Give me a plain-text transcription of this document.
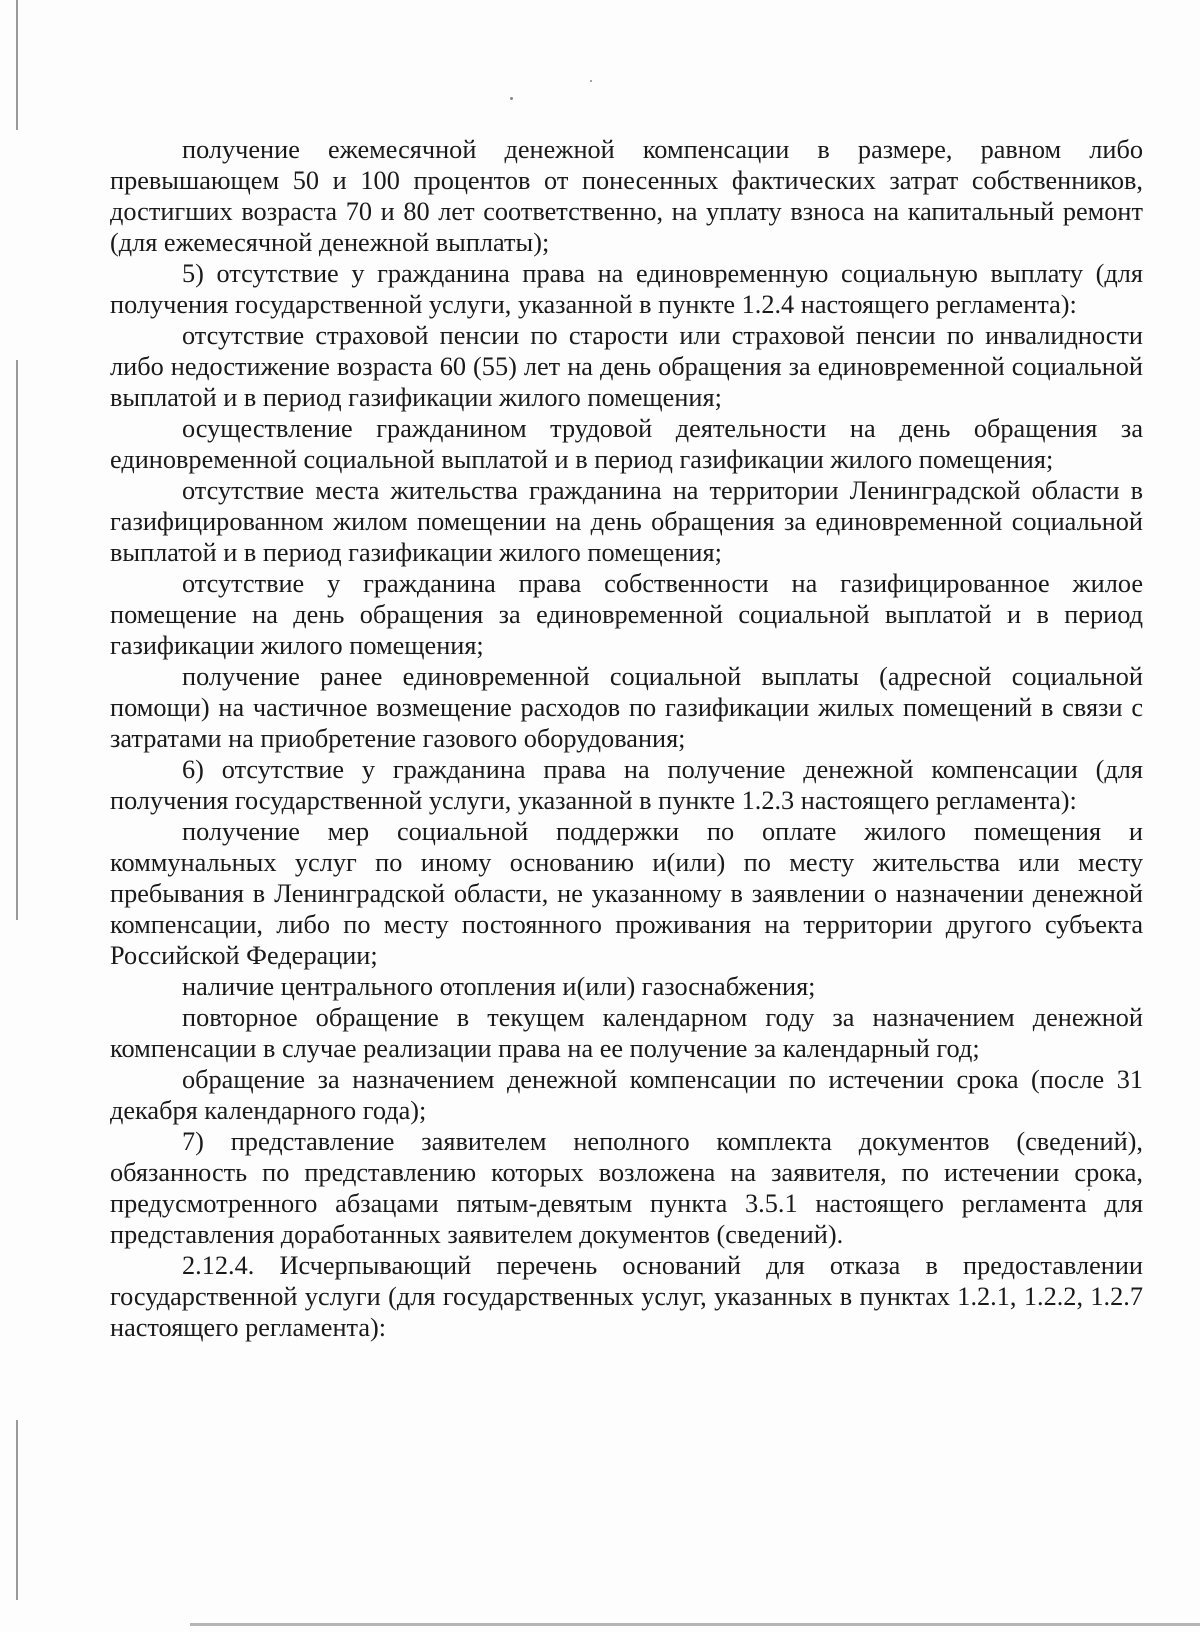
получение ежемесячной денежной компенсации в размере, равном либо превышающем 50 и 100 процентов от понесенных фактических затрат собственников, достигших возраста 70 и 80 лет соответственно, на уплату взноса на капитальный ремонт (для ежемесячной денежной выплаты);

5) отсутствие у гражданина права на единовременную социальную выплату (для получения государственной услуги, указанной в пункте 1.2.4 настоящего регламента):

отсутствие страховой пенсии по старости или страховой пенсии по инвалидности либо недостижение возраста 60 (55) лет на день обращения за единовременной социальной выплатой и в период газификации жилого помещения;

осуществление гражданином трудовой деятельности на день обращения за единовременной социальной выплатой и в период газификации жилого помещения;

отсутствие места жительства гражданина на территории Ленинградской области в газифицированном жилом помещении на день обращения за единовременной социальной выплатой и в период газификации жилого помещения;

отсутствие у гражданина права собственности на газифицированное жилое помещение на день обращения за единовременной социальной выплатой и в период газификации жилого помещения;

получение ранее единовременной социальной выплаты (адресной социальной помощи) на частичное возмещение расходов по газификации жилых помещений в связи с затратами на приобретение газового оборудования;

6) отсутствие у гражданина права на получение денежной компенсации (для получения государственной услуги, указанной в пункте 1.2.3 настоящего регламента):

получение мер социальной поддержки по оплате жилого помещения и коммунальных услуг по иному основанию и(или) по месту жительства или месту пребывания в Ленинградской области, не указанному в заявлении о назначении денежной компенсации, либо по месту постоянного проживания на территории другого субъекта Российской Федерации;

наличие центрального отопления и(или) газоснабжения;

повторное обращение в текущем календарном году за назначением денежной компенсации в случае реализации права на ее получение за календарный год;

обращение за назначением денежной компенсации по истечении срока (после 31 декабря календарного года);

7) представление заявителем неполного комплекта документов (сведений), обязанность по представлению которых возложена на заявителя, по истечении срока, предусмотренного абзацами пятым-девятым пункта 3.5.1 настоящего регламента для представления доработанных заявителем документов (сведений).

2.12.4. Исчерпывающий перечень оснований для отказа в предоставлении государственной услуги (для государственных услуг, указанных в пунктах 1.2.1, 1.2.2, 1.2.7 настоящего регламента):
